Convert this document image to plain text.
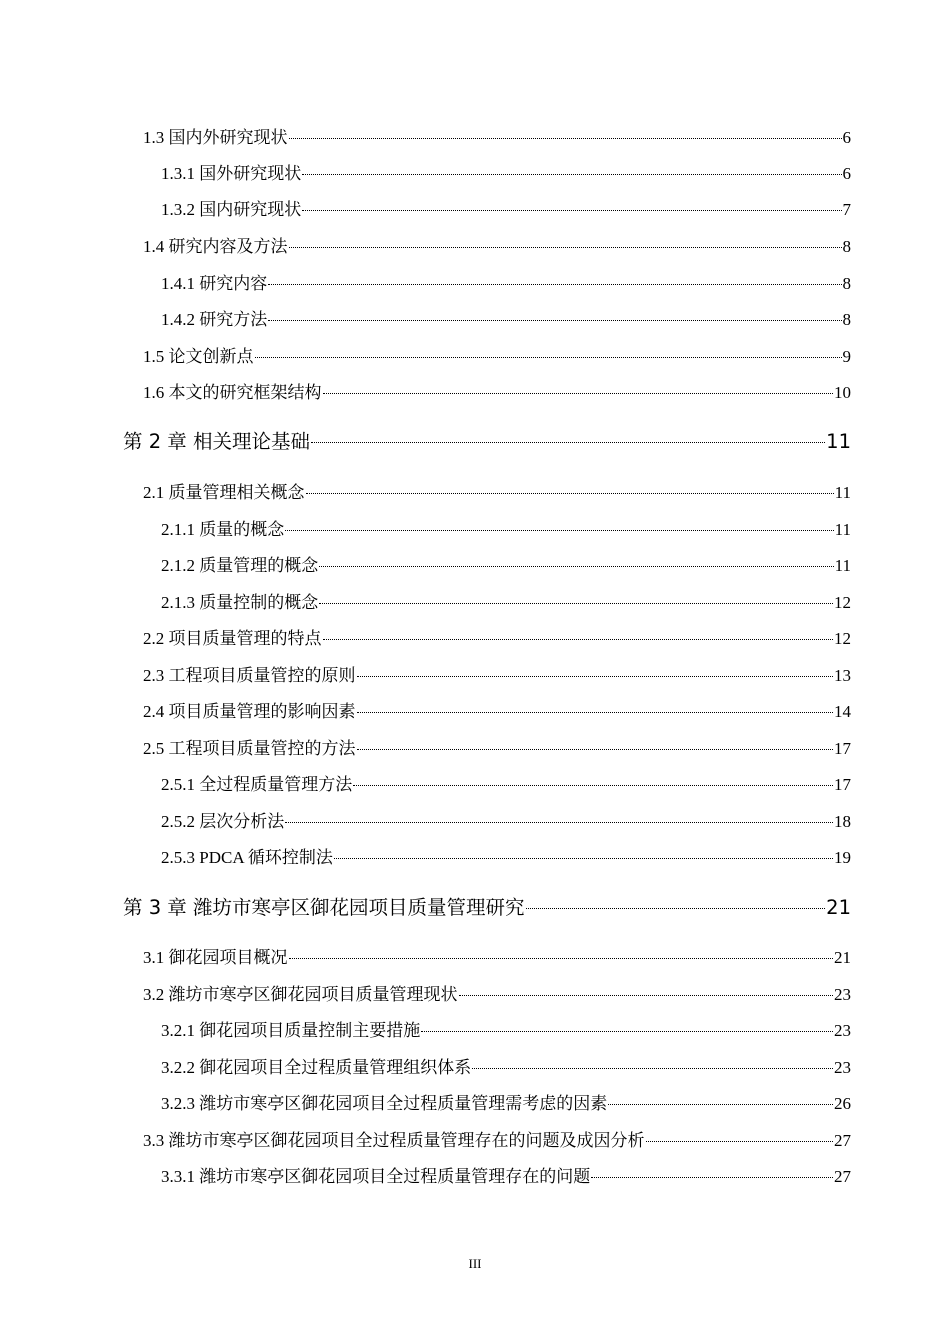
1.3 国内外研究现状	6
1.3.1 国外研究现状	6
1.3.2 国内研究现状	7
1.4 研究内容及方法	8
1.4.1 研究内容	8
1.4.2 研究方法	8
1.5 论文创新点	9
1.6 本文的研究框架结构	10
第 2 章 相关理论基础	11
2.1 质量管理相关概念	11
2.1.1 质量的概念	11
2.1.2 质量管理的概念	11
2.1.3 质量控制的概念	12
2.2 项目质量管理的特点	12
2.3 工程项目质量管控的原则	13
2.4 项目质量管理的影响因素	14
2.5 工程项目质量管控的方法	17
2.5.1 全过程质量管理方法	17
2.5.2 层次分析法	18
2.5.3 PDCA 循环控制法	19
第 3 章 潍坊市寒亭区御花园项目质量管理研究	21
3.1 御花园项目概况	21
3.2 潍坊市寒亭区御花园项目质量管理现状	23
3.2.1 御花园项目质量控制主要措施	23
3.2.2 御花园项目全过程质量管理组织体系	23
3.2.3 潍坊市寒亭区御花园项目全过程质量管理需考虑的因素	26
3.3 潍坊市寒亭区御花园项目全过程质量管理存在的问题及成因分析	27
3.3.1 潍坊市寒亭区御花园项目全过程质量管理存在的问题	27
III
